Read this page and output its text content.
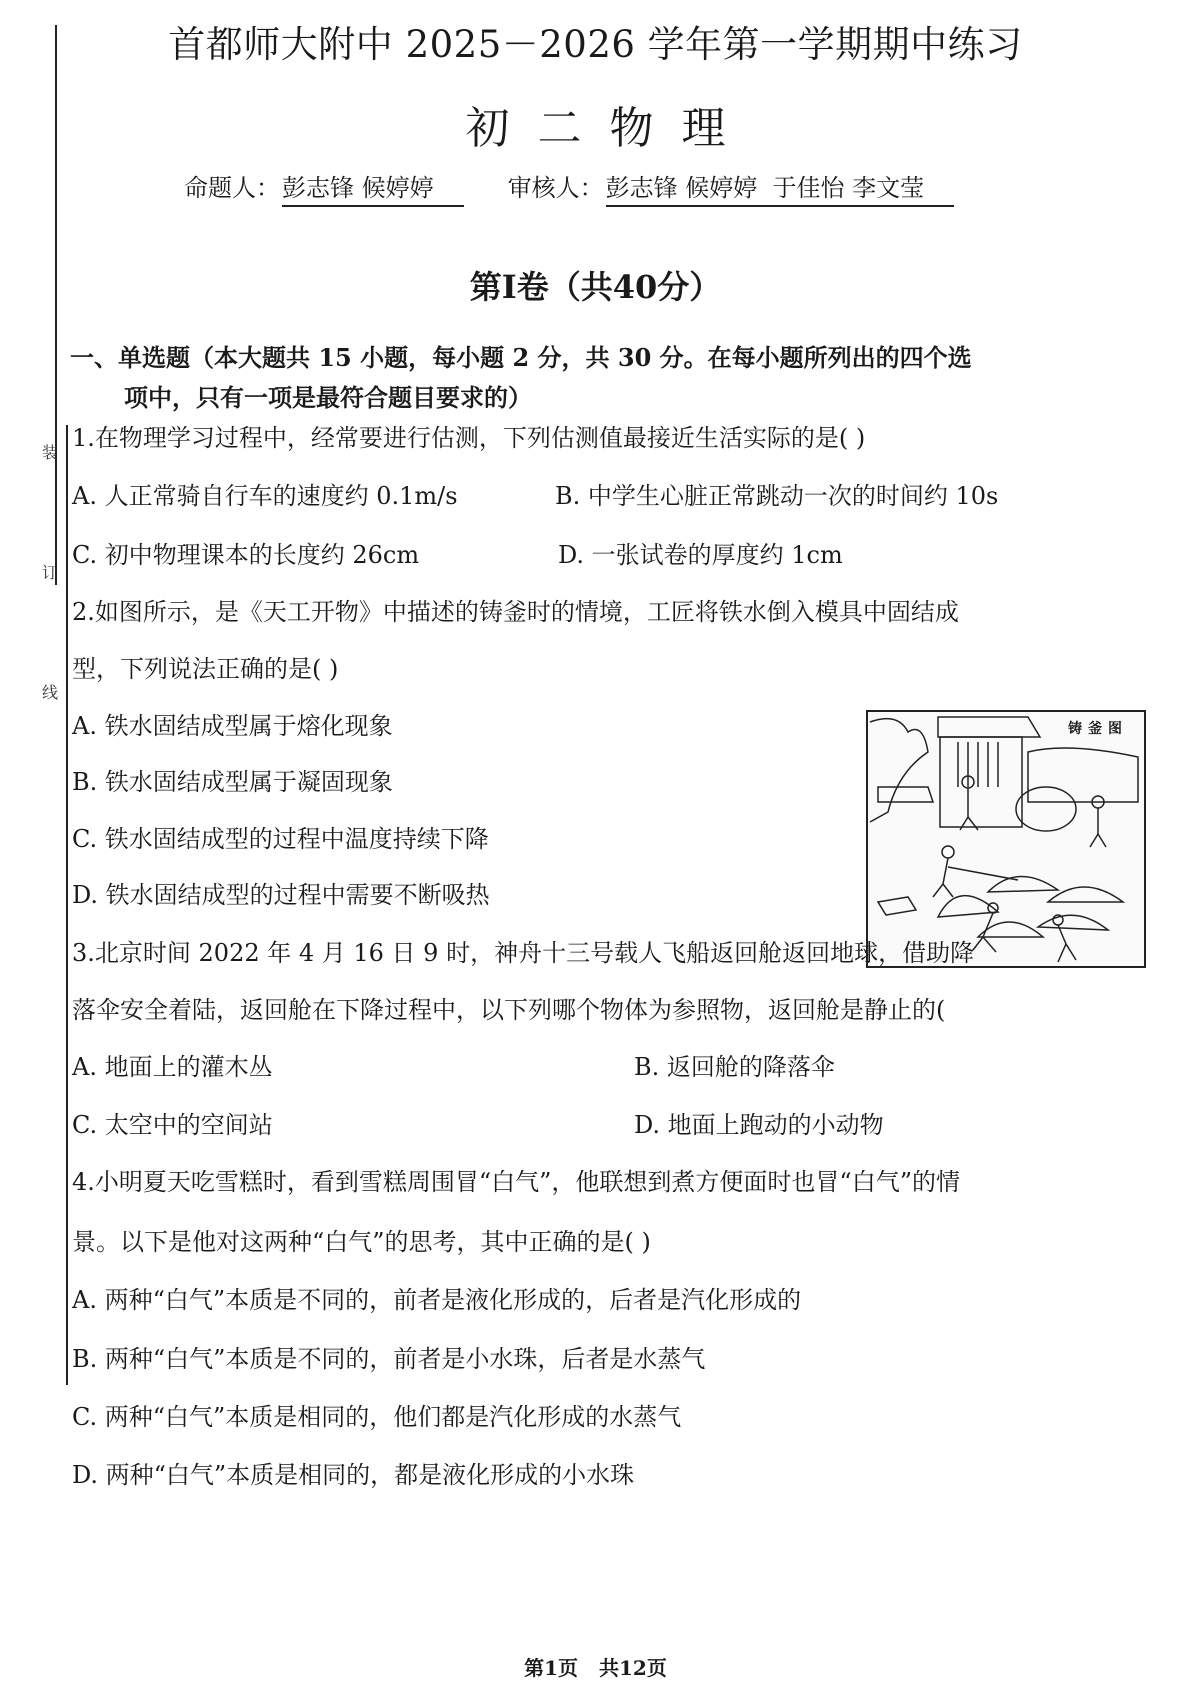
装
订
线
首都师大附中 2025－2026 学年第一学期期中练习
初二物理
命题人： 彭志锋 候婷婷	审核人： 彭志锋 候婷婷  于佳怡 李文莹
第I卷（共40分）
一、单选题（本大题共 15 小题，每小题 2 分，共 30 分。在每小题所列出的四个选
项中，只有一项是最符合题目要求的）
1.在物理学习过程中，经常要进行估测，下列估测值最接近生活实际的是( )
A. 人正常骑自行车的速度约 0.1m/s	B. 中学生心脏正常跳动一次的时间约 10s
C. 初中物理课本的长度约 26cm	D. 一张试卷的厚度约 1cm
2.如图所示，是《天工开物》中描述的铸釜时的情境，工匠将铁水倒入模具中固结成
型，下列说法正确的是( )
A. 铁水固结成型属于熔化现象
B. 铁水固结成型属于凝固现象
C. 铁水固结成型的过程中温度持续下降
D. 铁水固结成型的过程中需要不断吸热
铸釜图
3.北京时间 2022 年 4 月 16 日 9 时，神舟十三号载人飞船返回舱返回地球，借助降
落伞安全着陆，返回舱在下降过程中，以下列哪个物体为参照物，返回舱是静止的(
A. 地面上的灌木丛	B. 返回舱的降落伞
C. 太空中的空间站	D. 地面上跑动的小动物
4.小明夏天吃雪糕时，看到雪糕周围冒“白气”，他联想到煮方便面时也冒“白气”的情
景。以下是他对这两种“白气”的思考，其中正确的是( )
A. 两种“白气”本质是不同的，前者是液化形成的，后者是汽化形成的
B. 两种“白气”本质是不同的，前者是小水珠，后者是水蒸气
C. 两种“白气”本质是相同的，他们都是汽化形成的水蒸气
D. 两种“白气”本质是相同的，都是液化形成的小水珠
第1页 共12页
